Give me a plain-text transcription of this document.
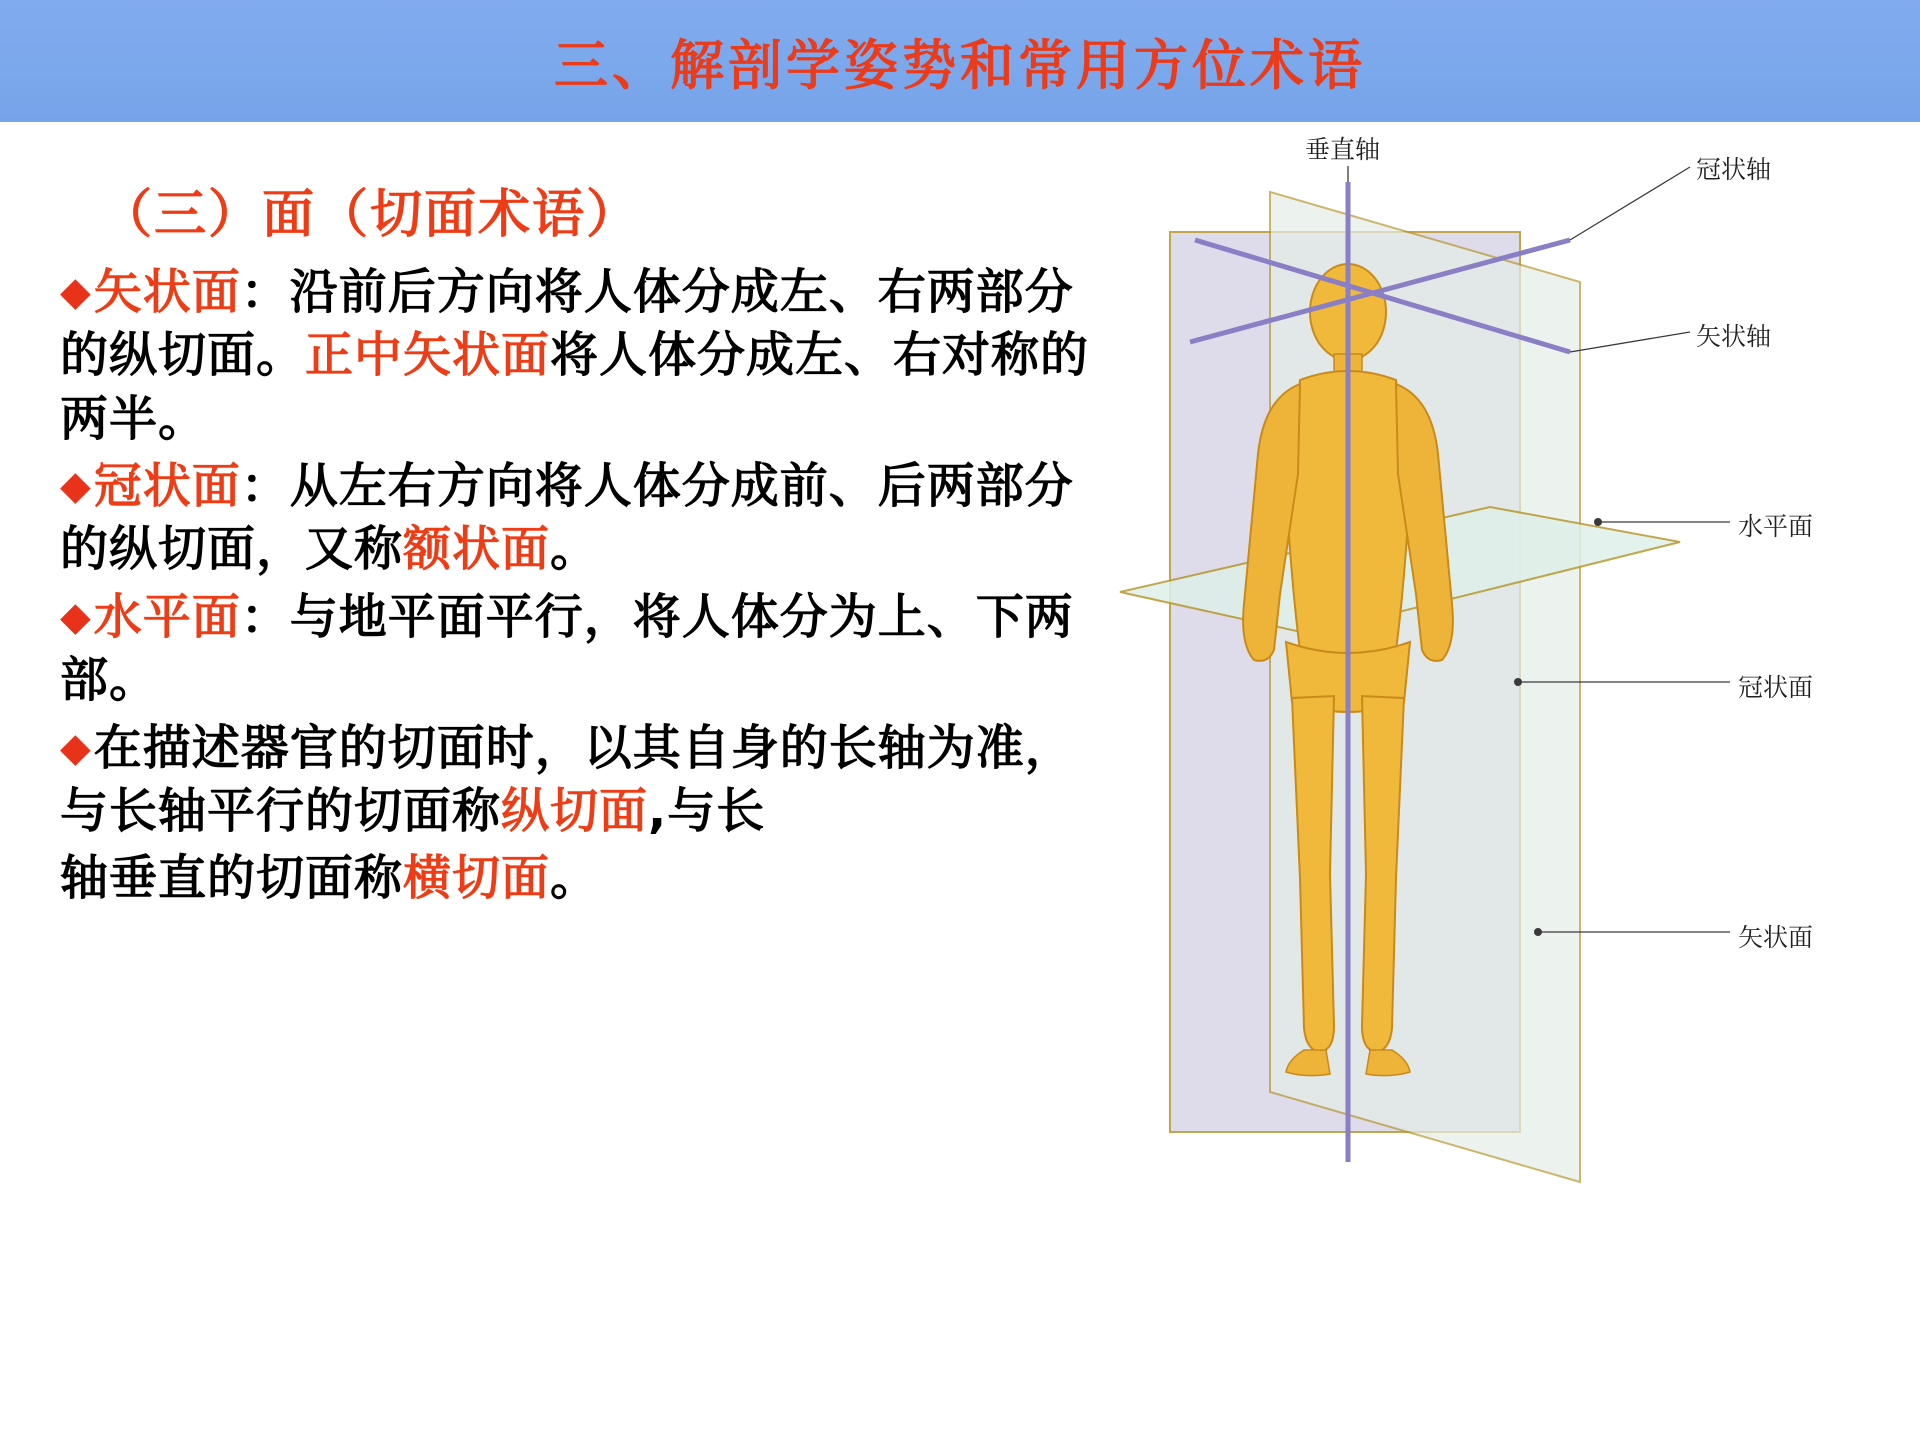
三、解剖学姿势和常用方位术语
（三）面（切面术语）

◆矢状面：沿前后方向将人体分成左、右两部分的纵切面。正中矢状面将人体分成左、右对称的两半。

◆冠状面：从左右方向将人体分成前、后两部分的纵切面，又称额状面。

◆水平面：与地平面平行，将人体分为上、下两部。

◆在描述器官的切面时，以其自身的长轴为准，与长轴平行的切面称纵切面,与长

轴垂直的切面称横切面。

垂直轴
冠状轴
矢状轴
水平面
冠状面
矢状面
